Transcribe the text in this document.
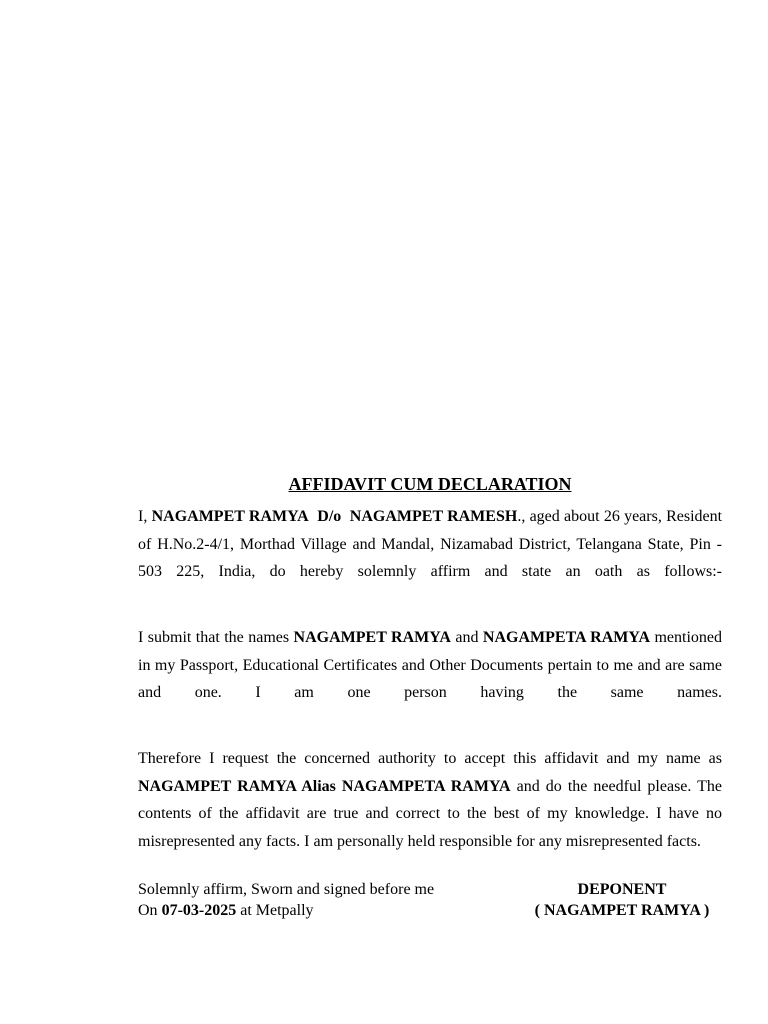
AFFIDAVIT CUM DECLARATION

I, NAGAMPET RAMYA D/o NAGAMPET RAMESH., aged about 26 years, Resident of H.No.2-4/1, Morthad Village and Mandal, Nizamabad District, Telangana State, Pin - 503 225, India, do hereby solemnly affirm and state an oath as follows:-

I submit that the names NAGAMPET RAMYA and NAGAMPETA RAMYA mentioned in my Passport, Educational Certificates and Other Documents pertain to me and are same and one. I am one person having the same names.

Therefore I request the concerned authority to accept this affidavit and my name as NAGAMPET RAMYA Alias NAGAMPETA RAMYA and do the needful please. The contents of the affidavit are true and correct to the best of my knowledge. I have no misrepresented any facts. I am personally held responsible for any misrepresented facts.

Solemnly affirm, Sworn and signed before me
On 07-03-2025 at Metpally
DEPONENT
( NAGAMPET RAMYA )
